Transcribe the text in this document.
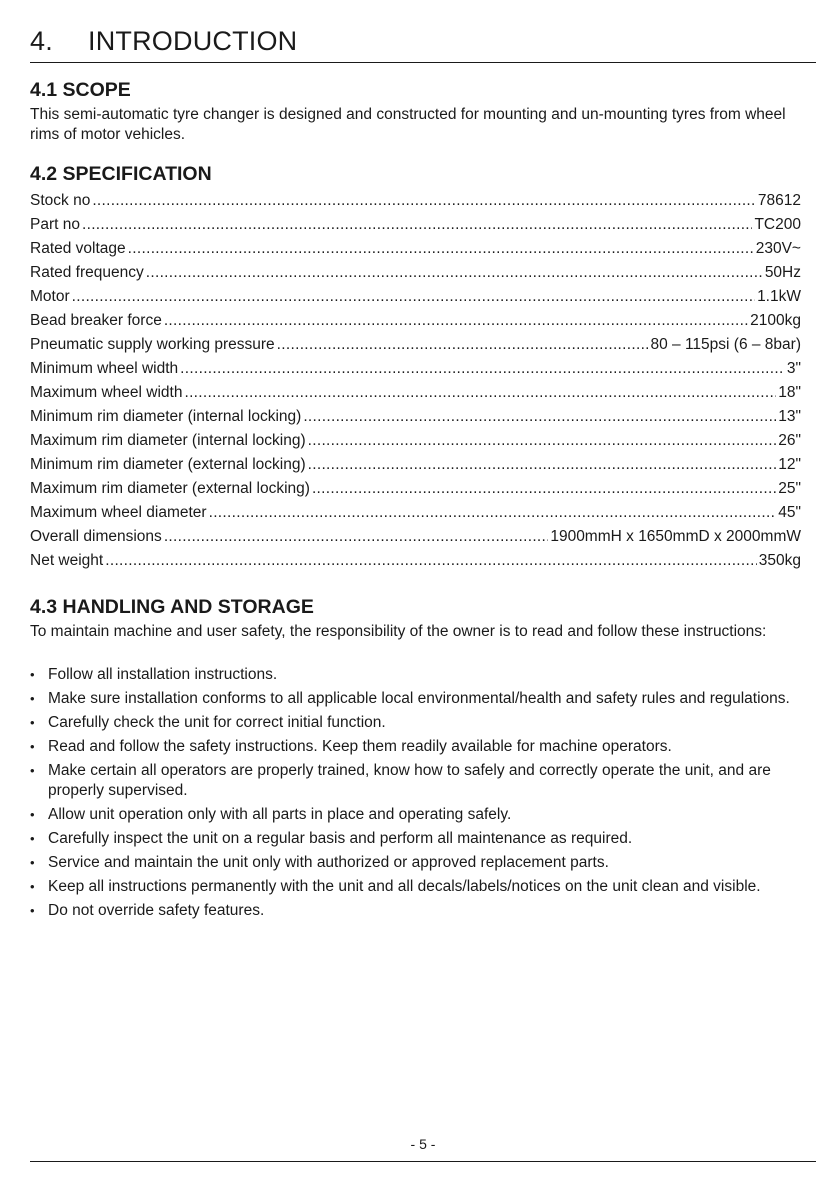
4. INTRODUCTION
4.1 SCOPE

This semi-automatic tyre changer is designed and constructed for mounting and un-mounting tyres from wheel rims of motor vehicles.

4.2 SPECIFICATION
Stock no .....	78612
Part no .....	TC200
Rated voltage .....	230V~
Rated frequency .....	50Hz
Motor .....	1.1kW
Bead breaker force .....	2100kg
Pneumatic supply working pressure .....	80 – 115psi (6 – 8bar)
Minimum wheel width .....	3"
Maximum wheel width .....	18"
Minimum rim diameter (internal locking) .....	13"
Maximum rim diameter (internal locking) .....	26"
Minimum rim diameter (external locking) .....	12"
Maximum rim diameter (external locking) .....	25"
Maximum wheel diameter .....	45"
Overall dimensions .....	1900mmH x 1650mmD x 2000mmW
Net weight .....	350kg
4.3 HANDLING AND STORAGE

To maintain machine and user safety, the responsibility of the owner is to read and follow these instructions:

• Follow all installation instructions.
• Make sure installation conforms to all applicable local environmental/health and safety rules and regulations.
• Carefully check the unit for correct initial function.
• Read and follow the safety instructions. Keep them readily available for machine operators.
• Make certain all operators are properly trained, know how to safely and correctly operate the unit, and are properly supervised.
• Allow unit operation only with all parts in place and operating safely.
• Carefully inspect the unit on a regular basis and perform all maintenance as required.
• Service and maintain the unit only with authorized or approved replacement parts.
• Keep all instructions permanently with the unit and all decals/labels/notices on the unit clean and visible.
• Do not override safety features.
- 5 -
